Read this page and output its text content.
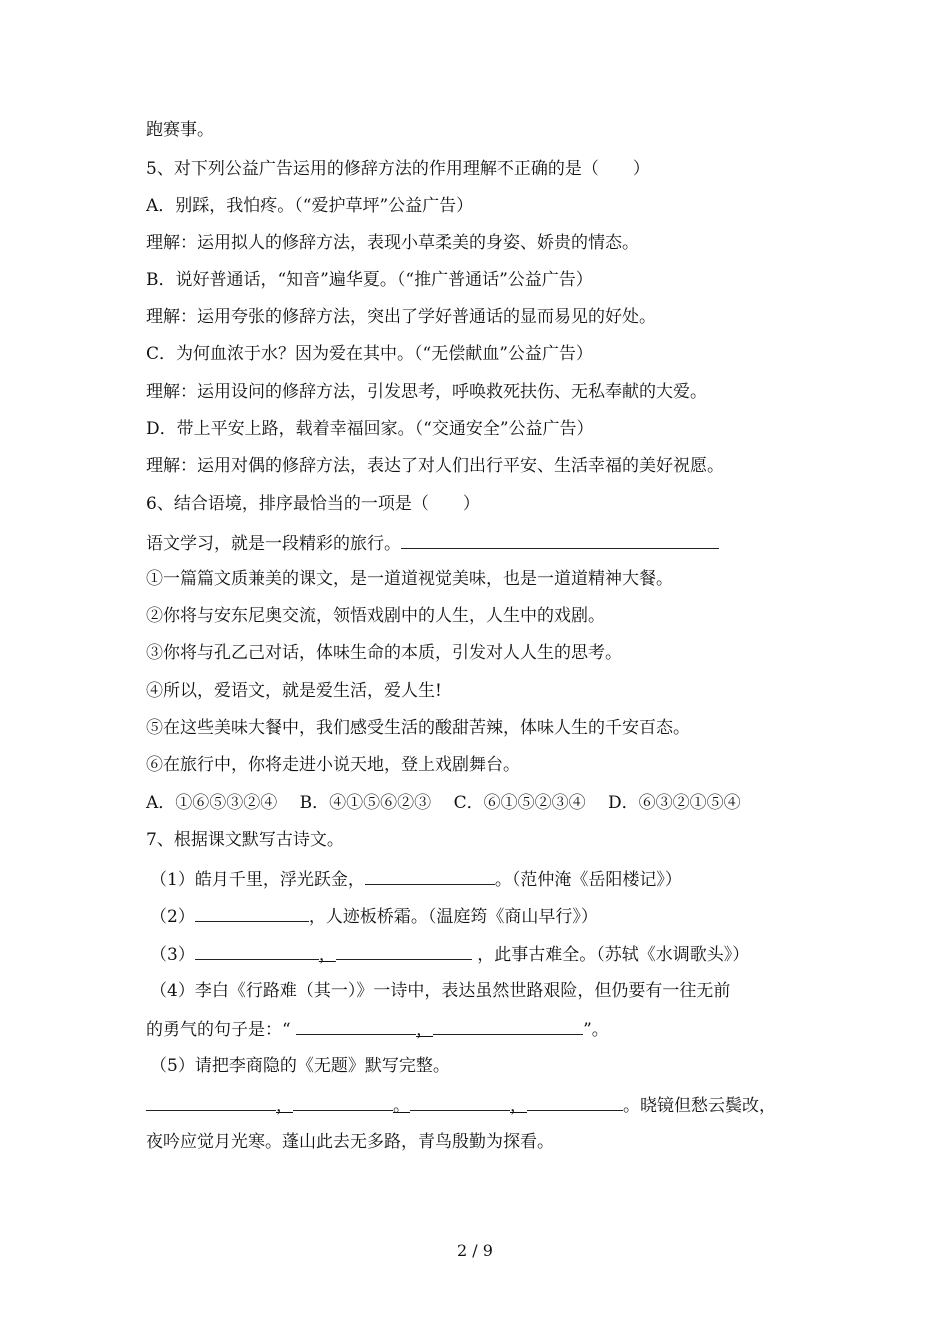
跑赛事。
5、对下列公益广告运用的修辞方法的作用理解不正确的是（　　）
A．别踩，我怕疼。（“爱护草坪”公益广告）
理解：运用拟人的修辞方法，表现小草柔美的身姿、娇贵的情态。
B．说好普通话，“知音”遍华夏。（“推广普通话”公益广告）
理解：运用夸张的修辞方法，突出了学好普通话的显而易见的好处。
C．为何血浓于水？因为爱在其中。（“无偿献血”公益广告）
理解：运用设问的修辞方法，引发思考，呼唤救死扶伤、无私奉献的大爱。
D．带上平安上路，载着幸福回家。（“交通安全”公益广告）
理解：运用对偶的修辞方法，表达了对人们出行平安、生活幸福的美好祝愿。
6、结合语境，排序最恰当的一项是（　　）
语文学习，就是一段精彩的旅行。
①一篇篇文质兼美的课文，是一道道视觉美味，也是一道道精神大餐。
②你将与安东尼奥交流，领悟戏剧中的人生，人生中的戏剧。
③你将与孔乙己对话，体味生命的本质，引发对人人生的思考。
④所以，爱语文，就是爱生活，爱人生!
⑤在这些美味大餐中，我们感受生活的酸甜苦辣，体味人生的千安百态。
⑥在旅行中，你将走进小说天地，登上戏剧舞台。
A．①⑥⑤③②④　 B．④①⑤⑥②③　 C．⑥①⑤②③④　 D．⑥③②①⑤④
7、根据课文默写古诗文。
（1）皓月千里，浮光跃金，	。（范仲淹《岳阳楼记》）
（2）	，人迹板桥霜。（温庭筠《商山早行》）
（3）	，	，此事古难全。（苏轼《水调歌头》）
（4）李白《行路难（其一）》一诗中，表达虽然世路艰险，但仍要有一往无前
的勇气的句子是：“	，	”。
（5）请把李商隐的《无题》默写完整。
，	。	，	。晓镜但愁云鬓改，
夜吟应觉月光寒。蓬山此去无多路，青鸟殷勤为探看。
2 / 9
